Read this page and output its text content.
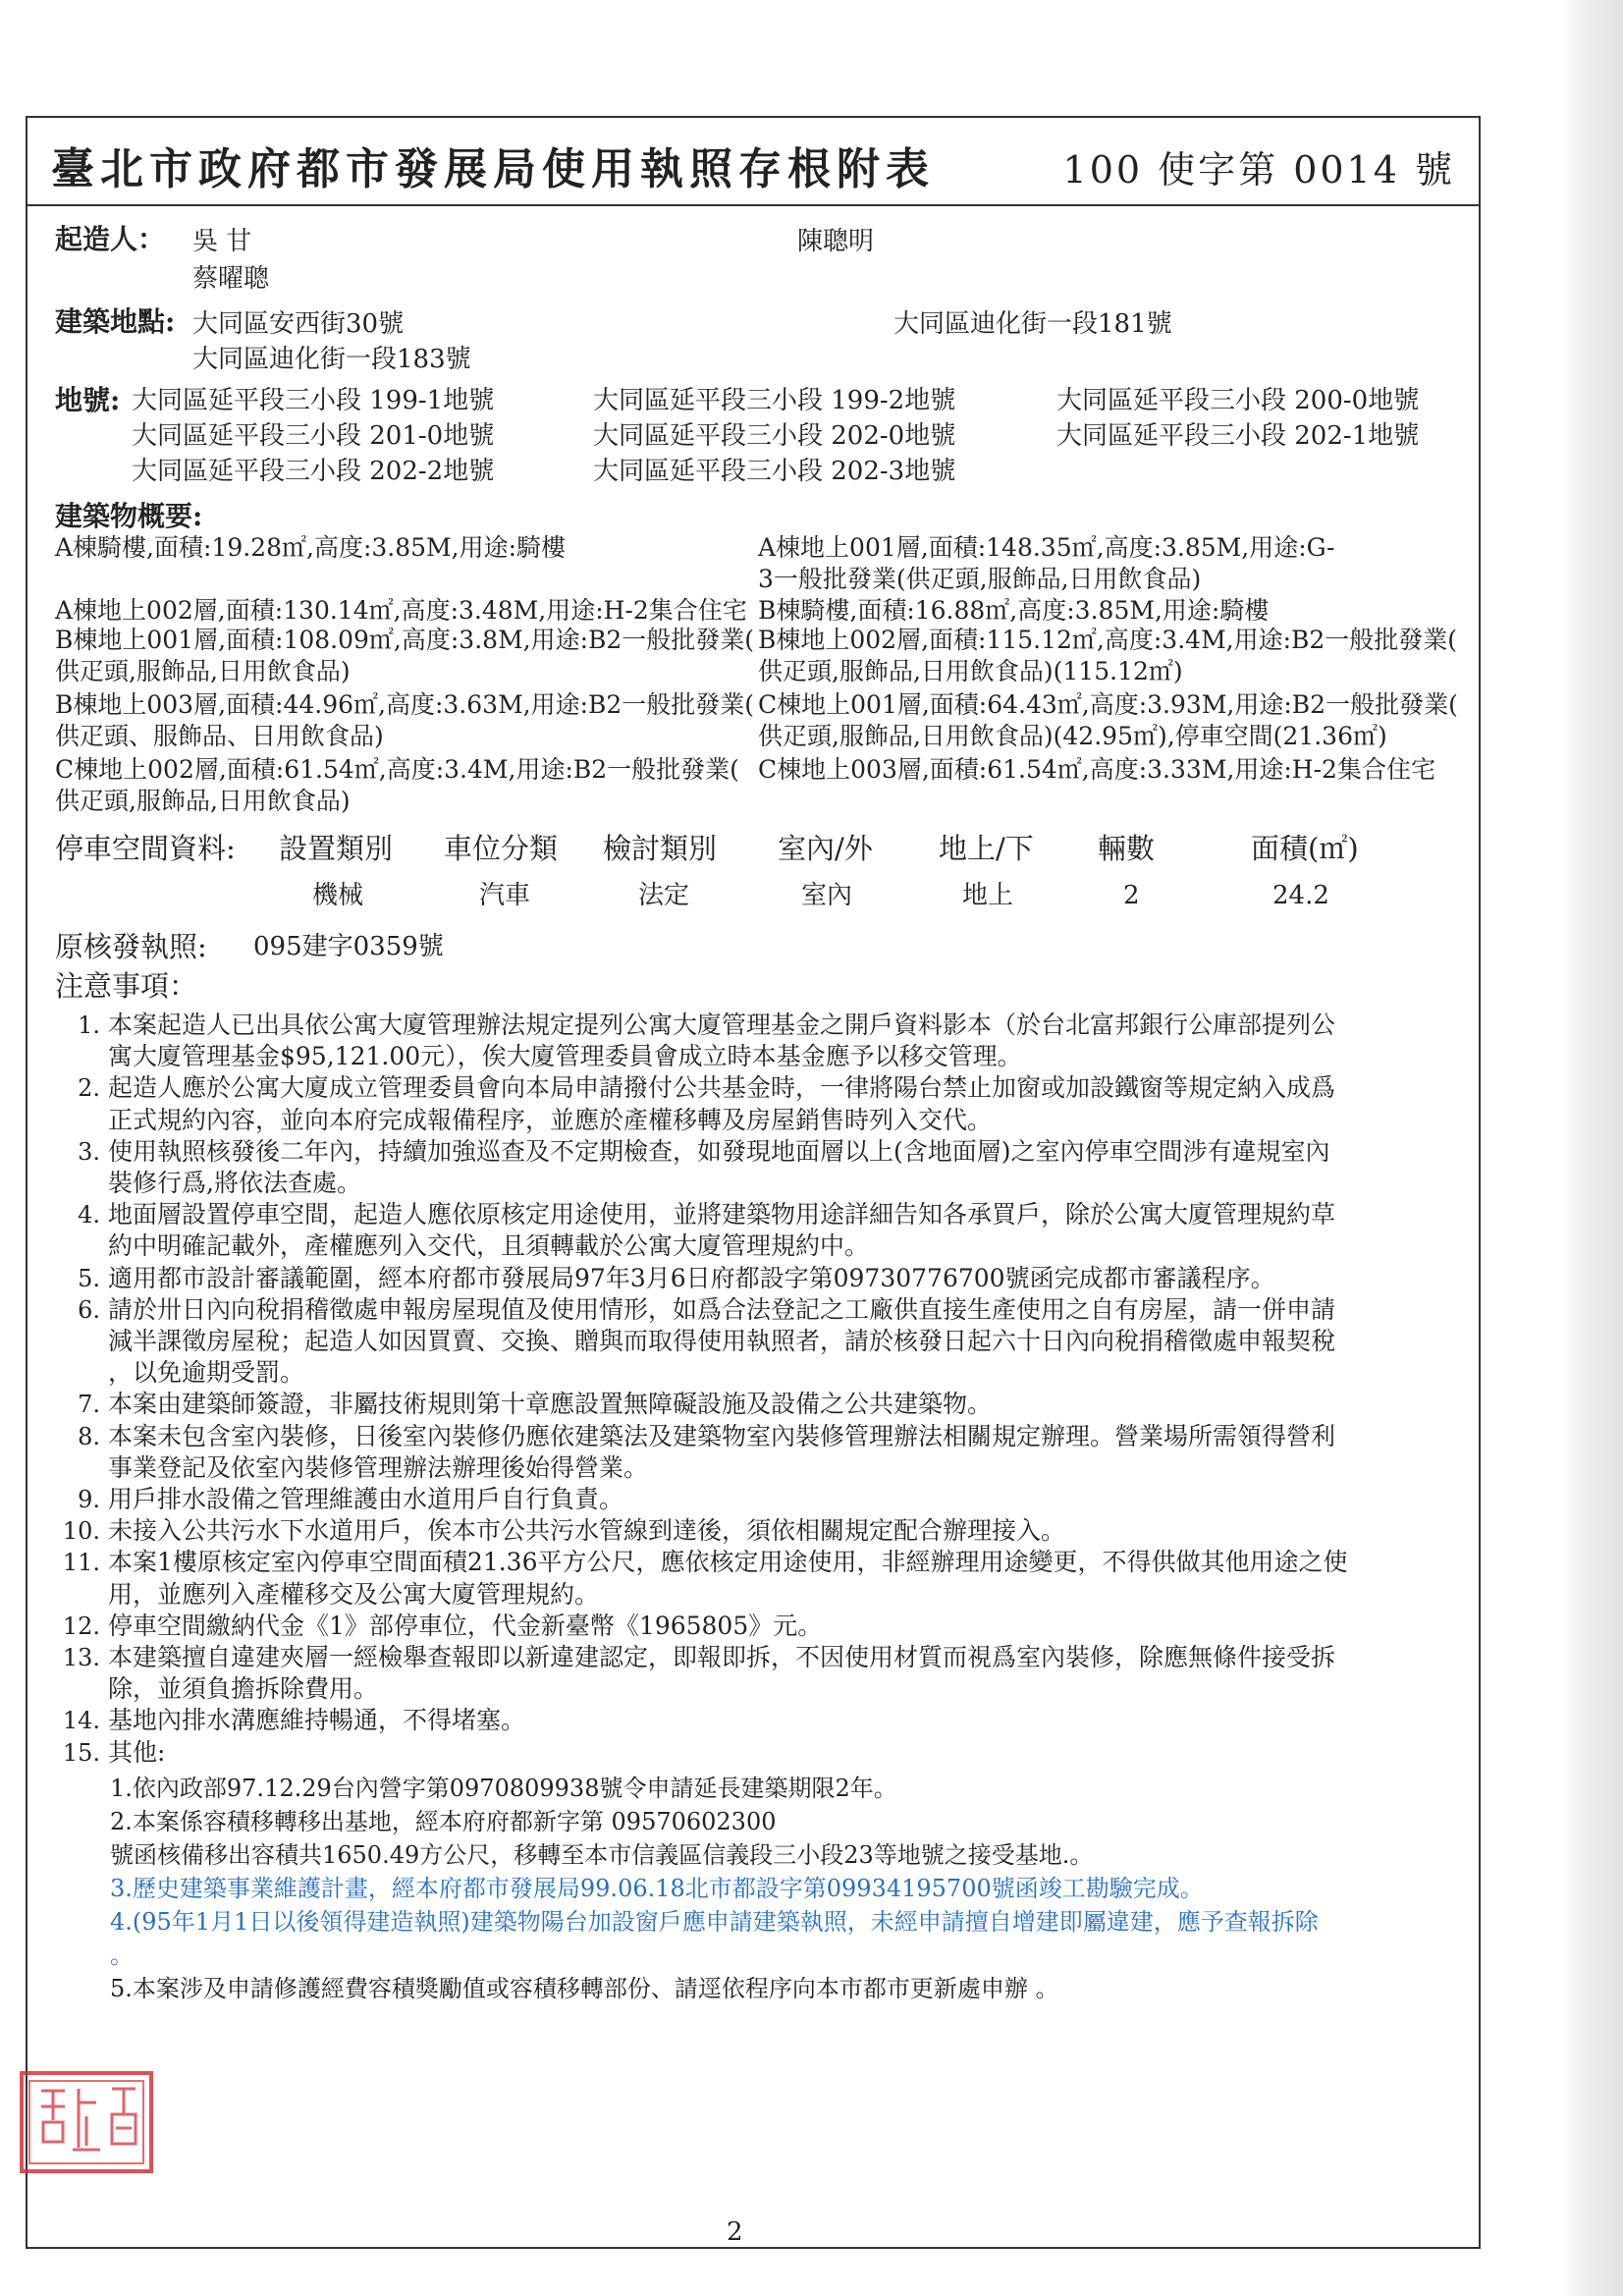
臺北市政府都市發展局使用執照存根附表	100 使字第 0014 號
起造人： 吳 甘	陳聰明
蔡曜聰
建築地點: 大同區安西街30號	大同區迪化街一段181號
大同區迪化街一段183號
地號: 大同區延平段三小段 199-1地號	大同區延平段三小段 199-2地號	大同區延平段三小段 200-0地號
大同區延平段三小段 201-0地號	大同區延平段三小段 202-0地號	大同區延平段三小段 202-1地號
大同區延平段三小段 202-2地號	大同區延平段三小段 202-3地號
建築物概要:
A棟騎樓,面積:19.28㎡,高度:3.85M,用途:騎樓	A棟地上001層,面積:148.35㎡,高度:3.85M,用途:G-
3一般批發業(供疋頭,服飾品,日用飲食品)
A棟地上002層,面積:130.14㎡,高度:3.48M,用途:H-2集合住宅 B棟騎樓,面積:16.88㎡,高度:3.85M,用途:騎樓
B棟地上001層,面積:108.09㎡,高度:3.8M,用途:B2一般批發業( B棟地上002層,面積:115.12㎡,高度:3.4M,用途:B2一般批發業(
供疋頭,服飾品,日用飲食品)	供疋頭,服飾品,日用飲食品)(115.12㎡)
B棟地上003層,面積:44.96㎡,高度:3.63M,用途:B2一般批發業( C棟地上001層,面積:64.43㎡,高度:3.93M,用途:B2一般批發業(
供疋頭、服飾品、日用飲食品)	供疋頭,服飾品,日用飲食品)(42.95㎡),停車空間(21.36㎡)
C棟地上002層,面積:61.54㎡,高度:3.4M,用途:B2一般批發業( C棟地上003層,面積:61.54㎡,高度:3.33M,用途:H-2集合住宅
供疋頭,服飾品,日用飲食品)
停車空間資料: 設置類別 車位分類 檢討類別 室內/外 地上/下 輛數	面積(㎡)
機械	汽車	法定	室內	地上	2	24.2
原核發執照: 095建字0359號
注意事項：
2
1. 本案起造人已出具依公寓大廈管理辦法規定提列公寓大廈管理基金之開戶資料影本（於台北富邦銀行公庫部提列公
寓大廈管理基金$95,121.00元），俟大廈管理委員會成立時本基金應予以移交管理。
2. 起造人應於公寓大廈成立管理委員會向本局申請撥付公共基金時，一律將陽台禁止加窗或加設鐵窗等規定納入成爲
正式規約內容，並向本府完成報備程序，並應於產權移轉及房屋銷售時列入交代。
3. 使用執照核發後二年內，持續加強巡查及不定期檢查，如發現地面層以上(含地面層)之室內停車空間涉有違規室內
裝修行爲,將依法查處。
4. 地面層設置停車空間，起造人應依原核定用途使用，並將建築物用途詳細告知各承買戶，除於公寓大廈管理規約草
約中明確記載外，產權應列入交代，且須轉載於公寓大廈管理規約中。
5. 適用都市設計審議範圍，經本府都市發展局97年3月6日府都設字第09730776700號函完成都市審議程序。
6. 請於卅日內向稅捐稽徵處申報房屋現值及使用情形，如爲合法登記之工廠供直接生產使用之自有房屋，請一併申請
減半課徵房屋稅；起造人如因買賣、交換、贈與而取得使用執照者，請於核發日起六十日內向稅捐稽徵處申報契稅
，以免逾期受罰。
7. 本案由建築師簽證，非屬技術規則第十章應設置無障礙設施及設備之公共建築物。
8. 本案未包含室內裝修，日後室內裝修仍應依建築法及建築物室內裝修管理辦法相關規定辦理。營業場所需領得營利
事業登記及依室內裝修管理辦法辦理後始得營業。
9. 用戶排水設備之管理維護由水道用戶自行負責。
10. 未接入公共污水下水道用戶，俟本市公共污水管線到達後，須依相關規定配合辦理接入。
11. 本案1樓原核定室內停車空間面積21.36平方公尺，應依核定用途使用，非經辦理用途變更，不得供做其他用途之使
用，並應列入產權移交及公寓大廈管理規約。
12. 停車空間繳納代金《1》部停車位，代金新臺幣《1965805》元。
13. 本建築擅自違建夾層一經檢舉查報即以新違建認定，即報即拆，不因使用材質而視爲室內裝修，除應無條件接受拆
除，並須負擔拆除費用。
14. 基地內排水溝應維持暢通，不得堵塞。
15. 其他:
1.依內政部97.12.29台內營字第0970809938號令申請延長建築期限2年。
2.本案係容積移轉移出基地，經本府府都新字第 09570602300
號函核備移出容積共1650.49方公尺，移轉至本市信義區信義段三小段23等地號之接受基地.。
3.歷史建築事業維護計畫，經本府都市發展局99.06.18北市都設字第09934195700號函竣工勘驗完成。
4.(95年1月1日以後領得建造執照)建築物陽台加設窗戶應申請建築執照，未經申請擅自增建即屬違建，應予查報拆除
。
5.本案涉及申請修護經費容積獎勵值或容積移轉部份、請逕依程序向本市都市更新處申辦 。
